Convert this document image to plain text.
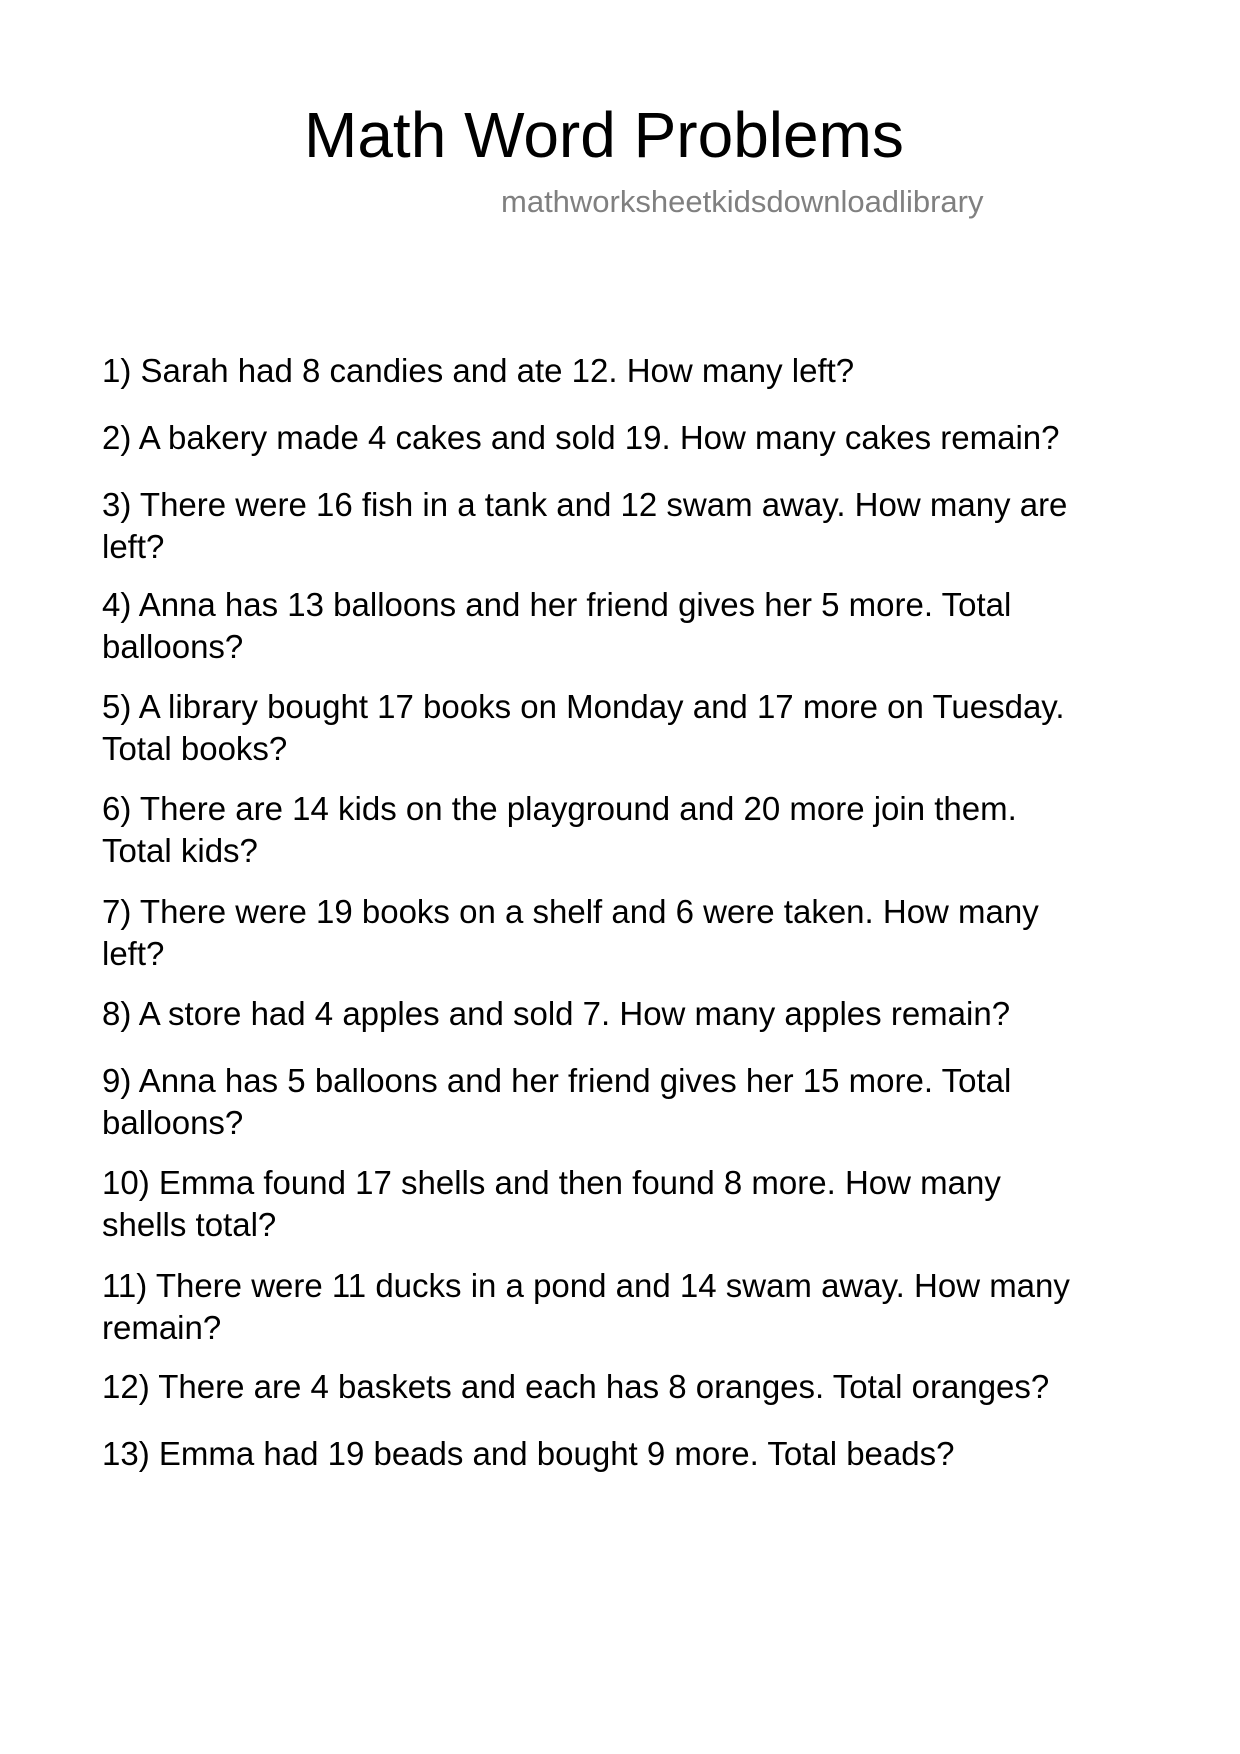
Math Word Problems
mathworksheetkidsdownloadlibrary
1) Sarah had 8 candies and ate 12. How many left?
2) A bakery made 4 cakes and sold 19. How many cakes remain?
3) There were 16 fish in a tank and 12 swam away. How many are
left?
4) Anna has 13 balloons and her friend gives her 5 more. Total
balloons?
5) A library bought 17 books on Monday and 17 more on Tuesday.
Total books?
6) There are 14 kids on the playground and 20 more join them.
Total kids?
7) There were 19 books on a shelf and 6 were taken. How many
left?
8) A store had 4 apples and sold 7. How many apples remain?
9) Anna has 5 balloons and her friend gives her 15 more. Total
balloons?
10) Emma found 17 shells and then found 8 more. How many
shells total?
11) There were 11 ducks in a pond and 14 swam away. How many
remain?
12) There are 4 baskets and each has 8 oranges. Total oranges?
13) Emma had 19 beads and bought 9 more. Total beads?
